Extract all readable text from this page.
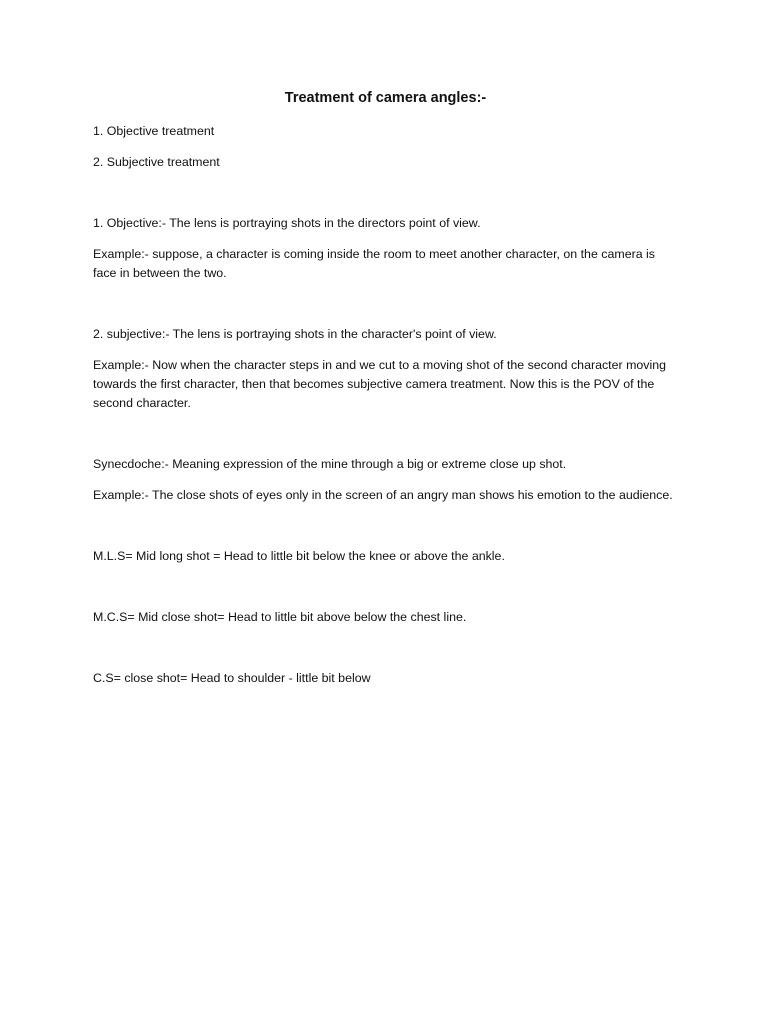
Treatment of camera angles:-

1. Objective treatment

2. Subjective treatment

1. Objective:- The lens is portraying shots in the directors point of view.

Example:- suppose, a character is coming inside the room to meet another character, on the camera is face in between the two.

2. subjective:- The lens is portraying shots in the character's point of view.

Example:- Now when the character steps in and we cut to a moving shot of the second character moving towards the first character, then that becomes subjective camera treatment. Now this is the POV of the second character.

Synecdoche:- Meaning expression of the mine through a big or extreme close up shot.

Example:- The close shots of eyes only in the screen of an angry man shows his emotion to the audience.

M.L.S= Mid long shot = Head to little bit below the knee or above the ankle.

M.C.S= Mid close shot= Head to little bit above below the chest line.

C.S= close shot= Head to shoulder - little bit below
